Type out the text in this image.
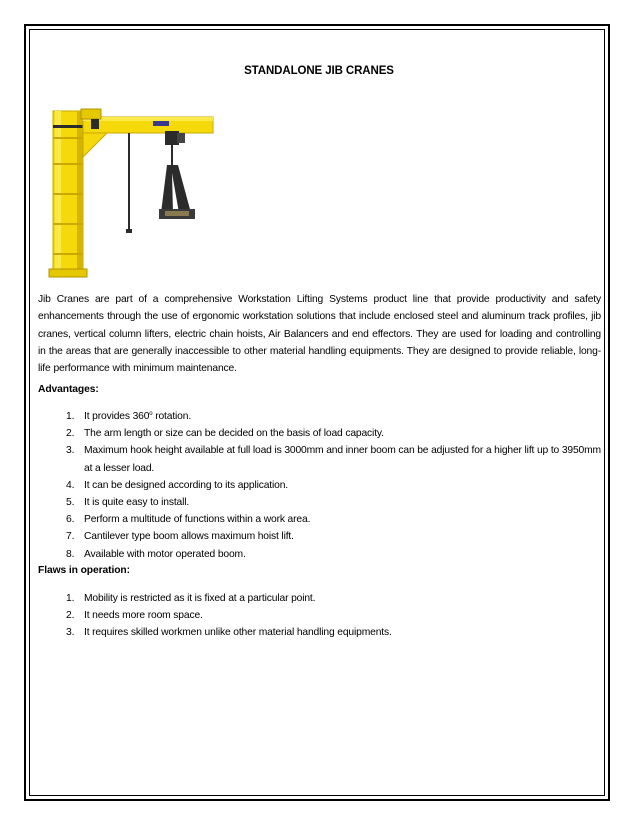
STANDALONE JIB CRANES
Jib Cranes are part of a comprehensive Workstation Lifting Systems product line that provide productivity and safety enhancements through the use of ergonomic workstation solutions that include enclosed steel and aluminum track profiles, jib cranes, vertical column lifters, electric chain hoists, Air Balancers and end effectors. They are used for loading and controlling in the areas that are generally inaccessible to other material handling equipments. They are designed to provide reliable, long-life performance with minimum maintenance.
Advantages:
1. It provides 360$^o$ rotation.
2. The arm length or size can be decided on the basis of load capacity.
3. Maximum hook height available at full load is 3000mm and inner boom can be adjusted for a higher lift up to 3950mm at a lesser load.
4. It can be designed according to its application.
5. It is quite easy to install.
6. Perform a multitude of functions within a work area.
7. Cantilever type boom allows maximum hoist lift.
8. Available with motor operated boom.
Flaws in operation:
1. Mobility is restricted as it is fixed at a particular point.
2. It needs more room space.
3. It requires skilled workmen unlike other material handling equipments.
